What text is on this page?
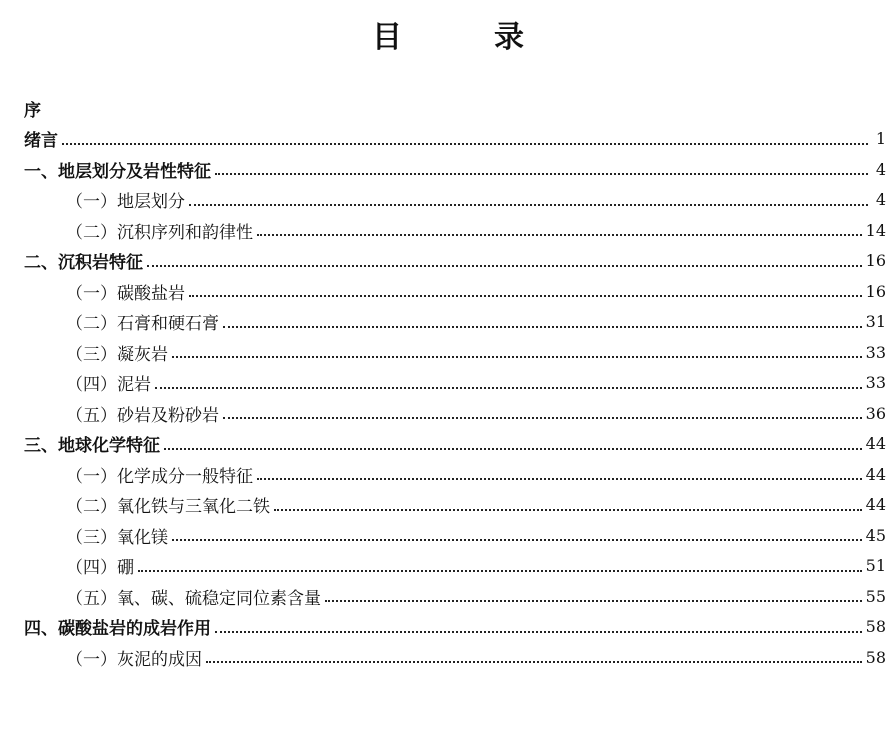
目	录
序
绪言	1
一、地层划分及岩性特征	4
（一）地层划分	4
（二）沉积序列和韵律性	14
二、沉积岩特征	16
（一）碳酸盐岩	16
（二）石膏和硬石膏	31
（三）凝灰岩	33
（四）泥岩	33
（五）砂岩及粉砂岩	36
三、地球化学特征	44
（一）化学成分一般特征	44
（二）氧化铁与三氧化二铁	44
（三）氧化镁	45
（四）硼	51
（五）氧、碳、硫稳定同位素含量	55
四、碳酸盐岩的成岩作用	58
（一）灰泥的成因	58
